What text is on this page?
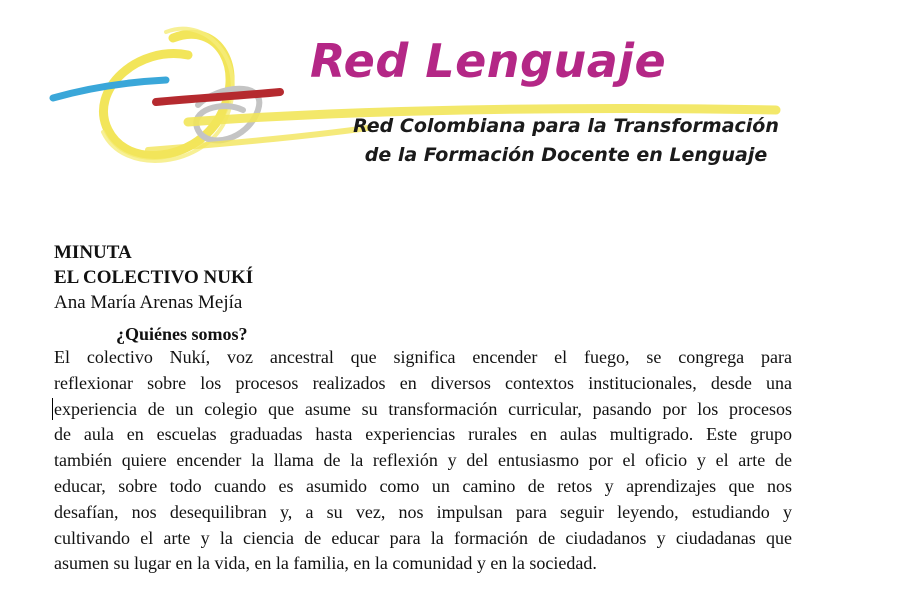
Red Lenguaje
Red Colombiana para la Transformación
de la Formación Docente en Lenguaje

MINUTA

EL COLECTIVO NUKÍ

Ana María Arenas Mejía

¿Quiénes somos?

El colectivo Nukí, voz ancestral que significa encender el fuego, se congrega para
reflexionar sobre los procesos realizados en diversos contextos institucionales, desde una
experiencia de un colegio que asume su transformación curricular, pasando por los procesos
de aula en escuelas graduadas hasta experiencias rurales en aulas multigrado. Este grupo
también quiere encender la llama de la reflexión y del entusiasmo por el oficio y el arte de
educar, sobre todo cuando es asumido como un camino de retos y aprendizajes que nos
desafían, nos desequilibran y, a su vez, nos impulsan para seguir leyendo, estudiando y
cultivando el arte y la ciencia de educar para la formación de ciudadanos y ciudadanas que
asumen su lugar en la vida, en la familia, en la comunidad y en la sociedad.
